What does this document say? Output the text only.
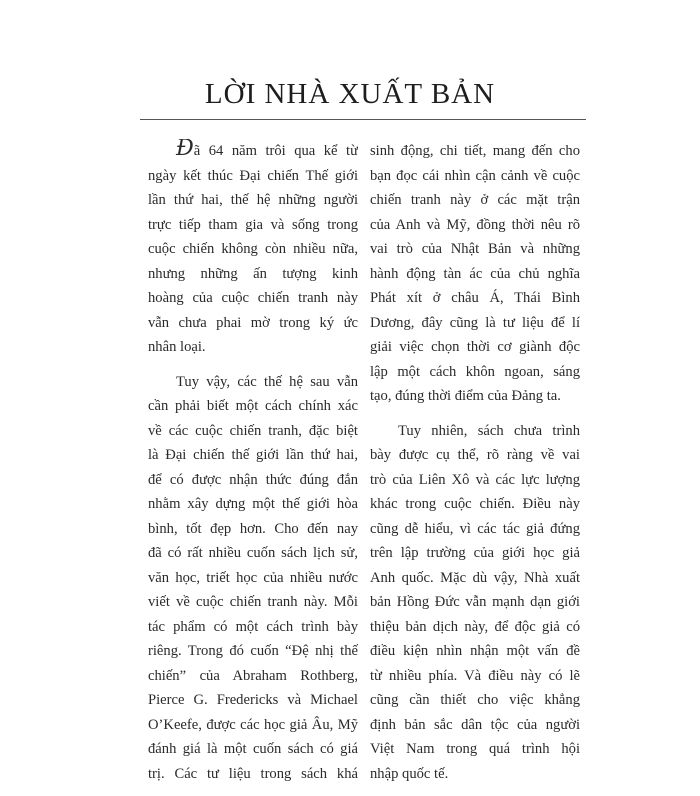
LỜI NHÀ XUẤT BẢN
Đã 64 năm trôi qua kể từ
ngày kết thúc Đại chiến Thế giới
lần thứ hai, thế hệ những người
trực tiếp tham gia và sống trong
cuộc chiến không còn nhiều nữa,
nhưng những ấn tượng kinh
hoàng của cuộc chiến tranh này
vẫn chưa phai mờ trong ký ức
nhân loại.
Tuy vậy, các thế hệ sau vẫn
cần phải biết một cách chính xác
về các cuộc chiến tranh, đặc biệt
là Đại chiến thế giới lần thứ hai,
để có được nhận thức đúng đắn
nhằm xây dựng một thế giới hòa
bình, tốt đẹp hơn. Cho đến nay
đã có rất nhiều cuốn sách lịch sử,
văn học, triết học của nhiều nước
viết về cuộc chiến tranh này. Mỗi
tác phẩm có một cách trình bày
riêng. Trong đó cuốn “Đệ nhị thế
chiến” của Abraham Rothberg,
Pierce G. Fredericks và Michael
O’Keefe, được các học giả Âu, Mỹ
đánh giá là một cuốn sách có giá
trị. Các tư liệu trong sách khá
sinh động, chi tiết, mang đến cho
bạn đọc cái nhìn cận cảnh về cuộc
chiến tranh này ở các mặt trận
của Anh và Mỹ, đồng thời nêu rõ
vai trò của Nhật Bản và những
hành động tàn ác của chủ nghĩa
Phát xít ở châu Á, Thái Bình
Dương, đây cũng là tư liệu để lí
giải việc chọn thời cơ giành độc
lập một cách khôn ngoan, sáng
tạo, đúng thời điểm của Đảng ta.
Tuy nhiên, sách chưa trình
bày được cụ thể, rõ ràng về vai
trò của Liên Xô và các lực lượng
khác trong cuộc chiến. Điều này
cũng dễ hiểu, vì các tác giả đứng
trên lập trường của giới học giả
Anh quốc. Mặc dù vậy, Nhà xuất
bản Hồng Đức vẫn mạnh dạn giới
thiệu bản dịch này, để độc giả có
điều kiện nhìn nhận một vấn đề
từ nhiều phía. Và điều này có lẽ
cũng cần thiết cho việc khẳng
định bản sắc dân tộc của người
Việt Nam trong quá trình hội
nhập quốc tế.
